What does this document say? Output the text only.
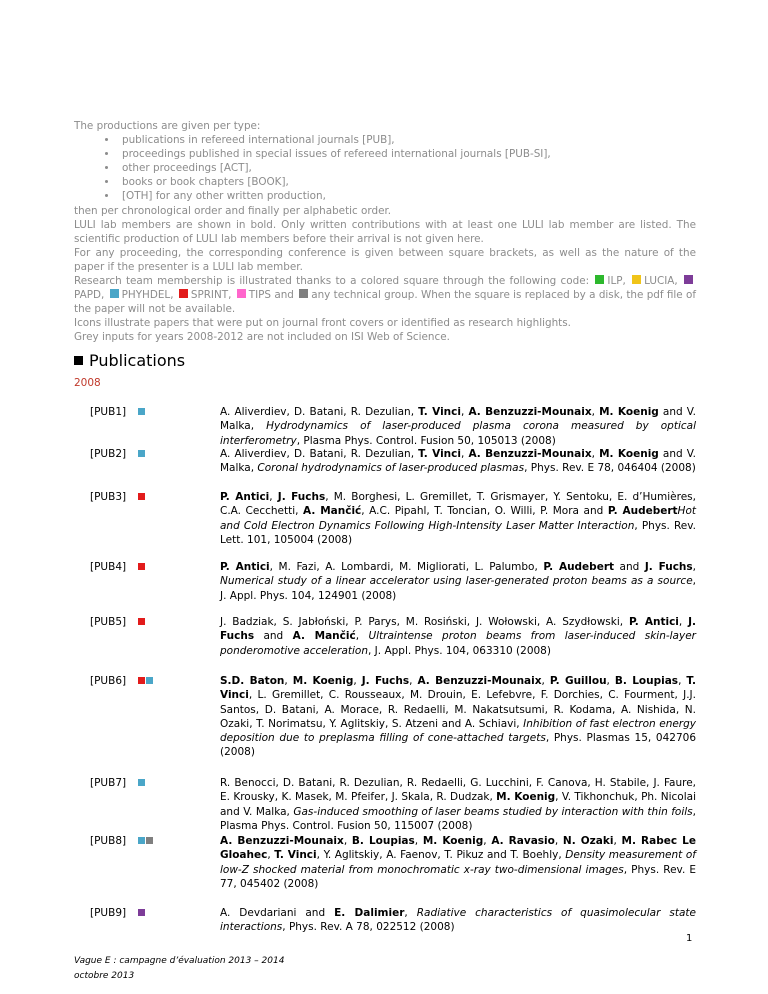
The productions are given per type:

• publications in refereed international journals [PUB],
• proceedings published in special issues of refereed international journals [PUB-SI],
• other proceedings [ACT],
• books or book chapters [BOOK],
• [OTH] for any other written production,

then per chronological order and finally per alphabetic order.

LULI lab members are shown in bold. Only written contributions with at least one LULI lab member are listed. The scientific production of LULI lab members before their arrival is not given here.

For any proceeding, the corresponding conference is given between square brackets, as well as the nature of the paper if the presenter is a LULI lab member.

Research team membership is illustrated thanks to a colored square through the following code: ILP, LUCIA, PAPD, PHYHDEL, SPRINT, TIPS and any technical group. When the square is replaced by a disk, the pdf file of the paper will not be available.

Icons illustrate papers that were put on journal front covers or identified as research highlights.

Grey inputs for years 2008-2012 are not included on ISI Web of Science.

Publications
2008
[PUB1]	A. Aliverdiev, D. Batani, R. Dezulian, T. Vinci, A. Benzuzzi-Mounaix, M. Koenig and V. Malka, Hydrodynamics of laser-produced plasma corona measured by optical interferometry, Plasma Phys. Control. Fusion 50, 105013 (2008)
[PUB2]	A. Aliverdiev, D. Batani, R. Dezulian, T. Vinci, A. Benzuzzi-Mounaix, M. Koenig and V. Malka, Coronal hydrodynamics of laser-produced plasmas, Phys. Rev. E 78, 046404 (2008)
[PUB3]	P. Antici, J. Fuchs, M. Borghesi, L. Gremillet, T. Grismayer, Y. Sentoku, E. d’Humières, C.A. Cecchetti, A. Mančić, A.C. Pipahl, T. Toncian, O. Willi, P. Mora and P. AudebertHot and Cold Electron Dynamics Following High-Intensity Laser Matter Interaction, Phys. Rev. Lett. 101, 105004 (2008)
[PUB4]	P. Antici, M. Fazi, A. Lombardi, M. Migliorati, L. Palumbo, P. Audebert and J. Fuchs, Numerical study of a linear accelerator using laser-generated proton beams as a source, J. Appl. Phys. 104, 124901 (2008)
[PUB5]	J. Badziak, S. Jabłoński, P. Parys, M. Rosiński, J. Wołowski, A. Szydłowski, P. Antici, J. Fuchs and A. Mančić, Ultraintense proton beams from laser-induced skin-layer ponderomotive acceleration, J. Appl. Phys. 104, 063310 (2008)
[PUB6]	S.D. Baton, M. Koenig, J. Fuchs, A. Benzuzzi-Mounaix, P. Guillou, B. Loupias, T. Vinci, L. Gremillet, C. Rousseaux, M. Drouin, E. Lefebvre, F. Dorchies, C. Fourment, J.J. Santos, D. Batani, A. Morace, R. Redaelli, M. Nakatsutsumi, R. Kodama, A. Nishida, N. Ozaki, T. Norimatsu, Y. Aglitskiy, S. Atzeni and A. Schiavi, Inhibition of fast electron energy deposition due to preplasma filling of cone-attached targets, Phys. Plasmas 15, 042706 (2008)
[PUB7]	R. Benocci, D. Batani, R. Dezulian, R. Redaelli, G. Lucchini, F. Canova, H. Stabile, J. Faure, E. Krousky, K. Masek, M. Pfeifer, J. Skala, R. Dudzak, M. Koenig, V. Tikhonchuk, Ph. Nicolai and V. Malka, Gas-induced smoothing of laser beams studied by interaction with thin foils, Plasma Phys. Control. Fusion 50, 115007 (2008)
[PUB8]	A. Benzuzzi-Mounaix, B. Loupias, M. Koenig, A. Ravasio, N. Ozaki, M. Rabec Le Gloahec, T. Vinci, Y. Aglitskiy, A. Faenov, T. Pikuz and T. Boehly, Density measurement of low-Z shocked material from monochromatic x-ray two-dimensional images, Phys. Rev. E 77, 045402 (2008)
[PUB9]	A. Devdariani and E. Dalimier, Radiative characteristics of quasimolecular state interactions, Phys. Rev. A 78, 022512 (2008)
1
Vague E : campagne d’évaluation 2013 – 2014
octobre 2013
